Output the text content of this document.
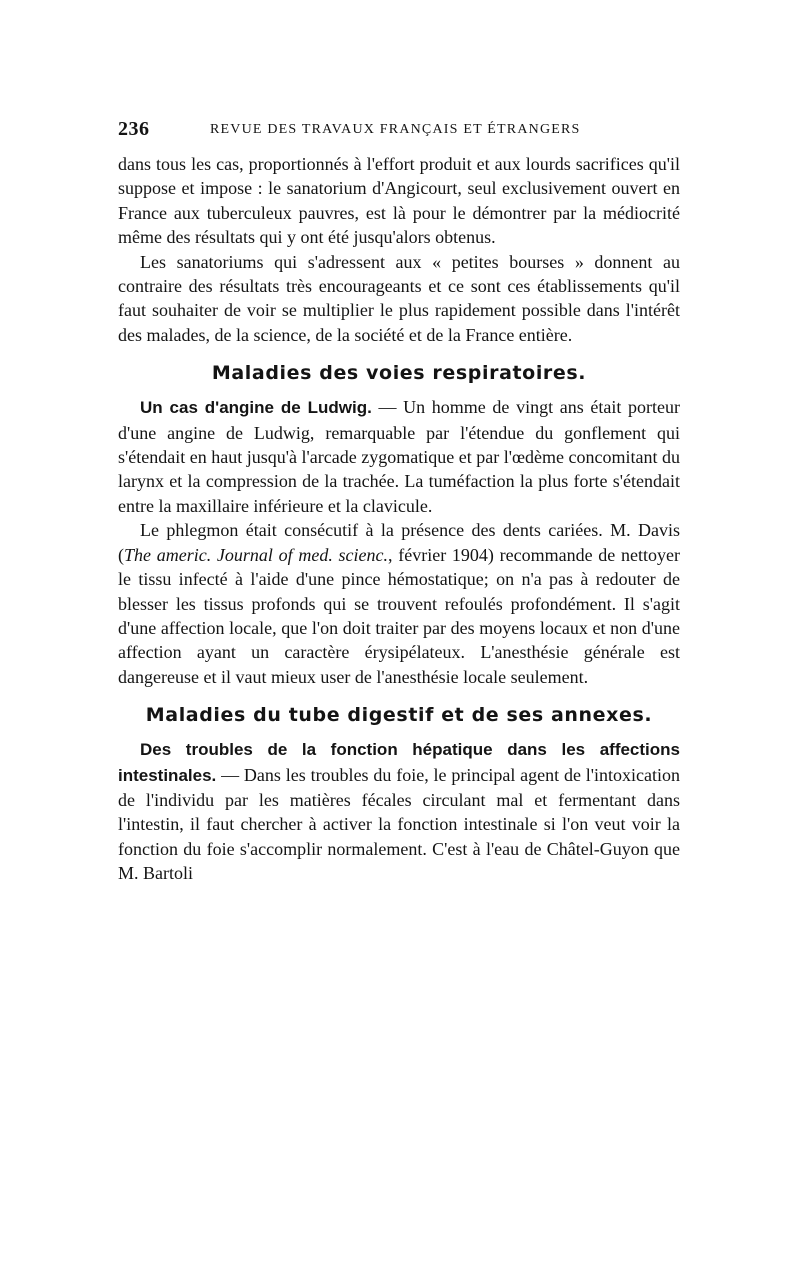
236	REVUE DES TRAVAUX FRANÇAIS ET ÉTRANGERS

dans tous les cas, proportionnés à l'effort produit et aux lourds sacrifices qu'il suppose et impose : le sanatorium d'Angicourt, seul exclusivement ouvert en France aux tuberculeux pauvres, est là pour le démontrer par la médiocrité même des résultats qui y ont été jusqu'alors obtenus.

Les sanatoriums qui s'adressent aux « petites bourses » donnent au contraire des résultats très encourageants et ce sont ces établissements qu'il faut souhaiter de voir se multiplier le plus rapidement possible dans l'intérêt des malades, de la science, de la société et de la France entière.

Maladies des voies respiratoires.

Un cas d'angine de Ludwig. — Un homme de vingt ans était porteur d'une angine de Ludwig, remarquable par l'étendue du gonflement qui s'étendait en haut jusqu'à l'arcade zygomatique et par l'œdème concomitant du larynx et la compression de la trachée. La tuméfaction la plus forte s'étendait entre la maxillaire inférieure et la clavicule.

Le phlegmon était consécutif à la présence des dents cariées. M. Davis (The americ. Journal of med. scienc., février 1904) recommande de nettoyer le tissu infecté à l'aide d'une pince hémostatique; on n'a pas à redouter de blesser les tissus profonds qui se trouvent refoulés profondément. Il s'agit d'une affection locale, que l'on doit traiter par des moyens locaux et non d'une affection ayant un caractère érysipélateux. L'anesthésie générale est dangereuse et il vaut mieux user de l'anesthésie locale seulement.

Maladies du tube digestif et de ses annexes.

Des troubles de la fonction hépatique dans les affections intestinales. — Dans les troubles du foie, le principal agent de l'intoxication de l'individu par les matières fécales circulant mal et fermentant dans l'intestin, il faut chercher à activer la fonction intestinale si l'on veut voir la fonction du foie s'accomplir normalement. C'est à l'eau de Châtel-Guyon que M. Bartoli
